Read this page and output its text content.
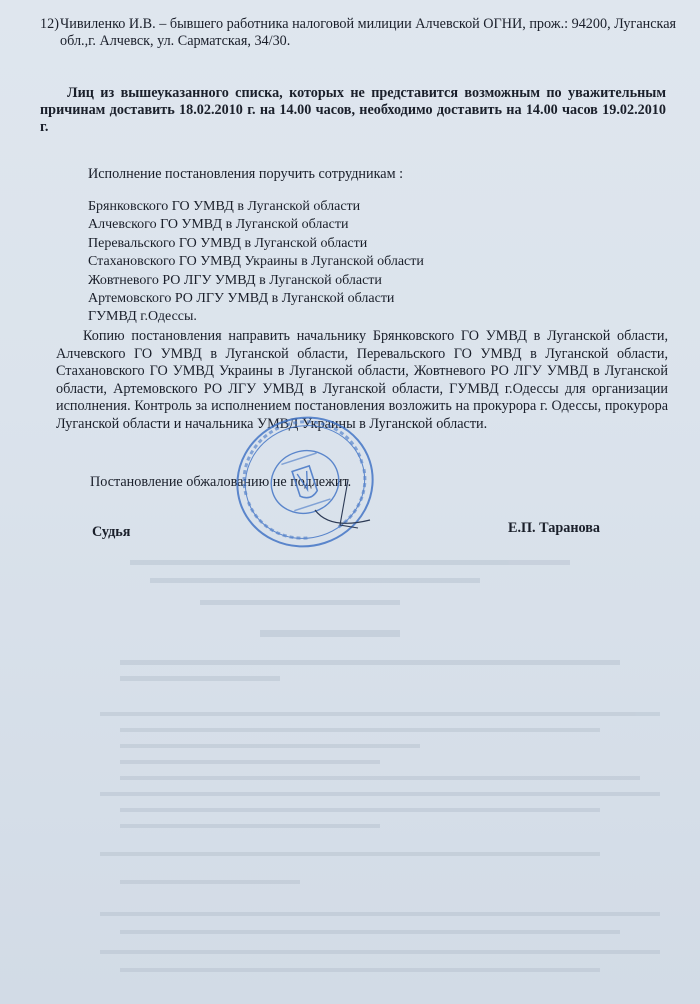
12) Чивиленко И.В. – бывшего работника налоговой милиции Алчевской ОГНИ, прож.: 94200, Луганская обл.,г. Алчевск, ул. Сарматская, 34/30.
Лиц из вышеуказанного списка, которых не представится возможным по уважительным причинам доставить 18.02.2010 г. на 14.00 часов, необходимо доставить на 14.00 часов 19.02.2010 г.
Исполнение постановления поручить сотрудникам :
Брянковского ГО УМВД в Луганской области
Алчевского ГО УМВД в Луганской области
Перевальского ГО УМВД в Луганской области
Стахановского ГО УМВД Украины в Луганской области
Жовтневого РО ЛГУ УМВД в Луганской области
Артемовского РО ЛГУ УМВД в Луганской области
ГУМВД г.Одессы.
Копию постановления направить начальнику Брянковского ГО УМВД в Луганской области, Алчевского ГО УМВД в Луганской области, Перевальского ГО УМВД в Луганской области, Стахановского ГО УМВД Украины в Луганской области, Жовтневого РО ЛГУ УМВД в Луганской области, Артемовского РО ЛГУ УМВД в Луганской области, ГУМВД г.Одессы для организации исполнения. Контроль за исполнением постановления возложить на прокурора г. Одессы, прокурора Луганской области и начальника УМВД Украины в Луганской области.
Постановление обжалованию не подлежит.
Судья	Е.П. Таранова
